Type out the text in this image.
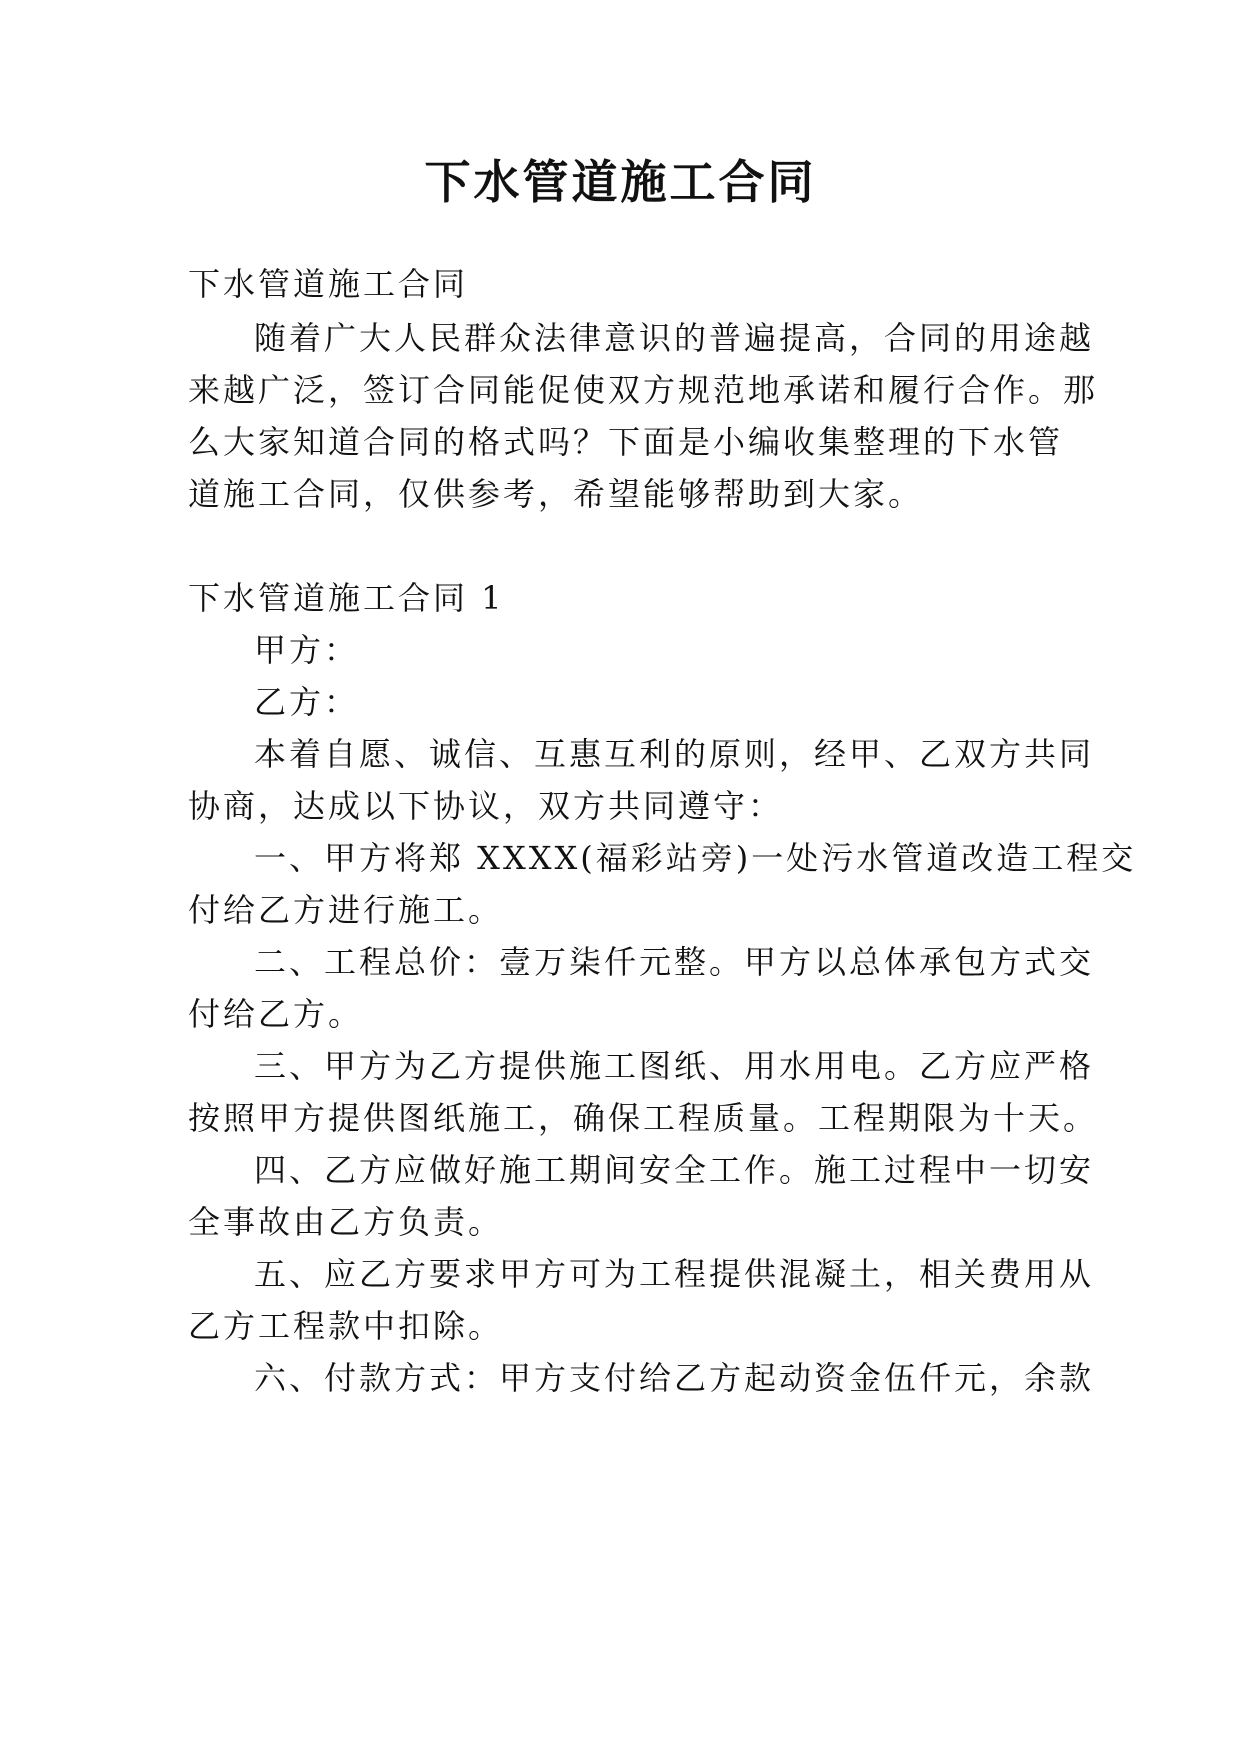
下水管道施工合同
下水管道施工合同
随着广大人民群众法律意识的普遍提高，合同的用途越
来越广泛，签订合同能促使双方规范地承诺和履行合作。那
么大家知道合同的格式吗？下面是小编收集整理的下水管
道施工合同，仅供参考，希望能够帮助到大家。
下水管道施工合同 1
甲方：
乙方：
本着自愿、诚信、互惠互利的原则，经甲、乙双方共同
协商，达成以下协议，双方共同遵守：
一、甲方将郑 XXXX(福彩站旁)一处污水管道改造工程交
付给乙方进行施工。
二、工程总价：壹万柒仟元整。甲方以总体承包方式交
付给乙方。
三、甲方为乙方提供施工图纸、用水用电。乙方应严格
按照甲方提供图纸施工，确保工程质量。工程期限为十天。
四、乙方应做好施工期间安全工作。施工过程中一切安
全事故由乙方负责。
五、应乙方要求甲方可为工程提供混凝土，相关费用从
乙方工程款中扣除。
六、付款方式：甲方支付给乙方起动资金伍仟元，余款
